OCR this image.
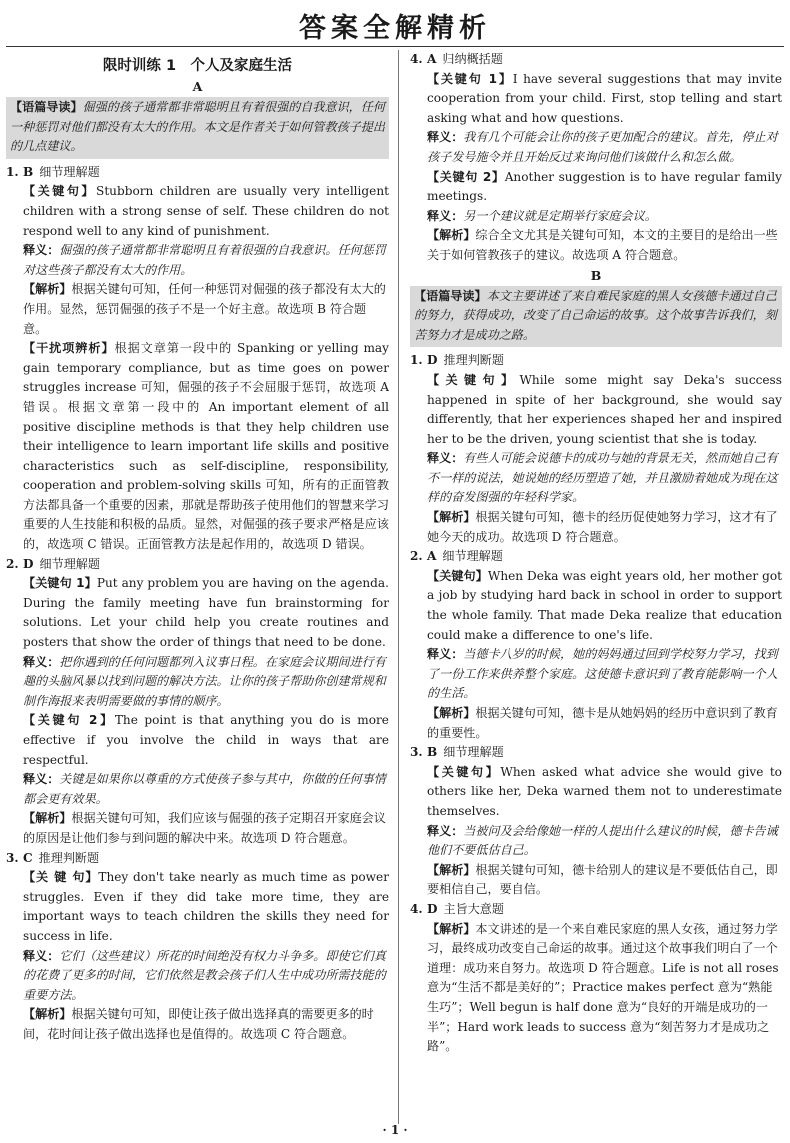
答案全解精析
限时训练 1　个人及家庭生活
A
【 语篇导读 】 倔强的孩子通常都非常聪明且有着很强的自我意识，任何一种惩罚对他们都没有太大的作用。本文是作者关于如何管教孩子提出的几点建议。
1. B 细节理解题
【 关键句 】 Stubborn children are usually very intelligent children with a strong sense of self. These children do not respond well to any kind of punishment.
释义：倔强的孩子通常都非常聪明且有着很强的自我意识。任何惩罚对这些孩子都没有太大的作用。
【 解析 】 根据关键句可知，任何一种惩罚对倔强的孩子都没有太大的作用。显然，惩罚倔强的孩子不是一个好主意。故选项 B 符合题意。
【 干扰项辨析 】 根据文章第一段中的 Spanking or yelling may gain temporary compliance, but as time goes on power struggles increase 可知，倔强的孩子不会屈服于惩罚，故选项 A 错误。根据文章第一段中的 An important element of all positive discipline methods is that they help children use their intelligence to learn important life skills and positive characteristics such as self-discipline, responsibility, cooperation and problem-solving skills 可知，所有的正面管教方法都具备一个重要的因素，那就是帮助孩子使用他们的智慧来学习重要的人生技能和积极的品质。显然，对倔强的孩子要求严格是应该的，故选项 C 错误。正面管教方法是起作用的，故选项 D 错误。
2. D 细节理解题
【 关键句 1 】 Put any problem you are having on the agenda. During the family meeting have fun brainstorming for solutions. Let your child help you create routines and posters that show the order of things that need to be done.
释义：把你遇到的任何问题都列入议事日程。在家庭会议期间进行有趣的头脑风暴以找到问题的解决方法。让你的孩子帮助你创建常规和制作海报来表明需要做的事情的顺序。
【 关键句 2 】 The point is that anything you do is more effective if you involve the child in ways that are respectful.
释义：关键是如果你以尊重的方式使孩子参与其中，你做的任何事情都会更有效果。
【 解析 】 根据关键句可知，我们应该与倔强的孩子定期召开家庭会议的原因是让他们参与到问题的解决中来。故选项 D 符合题意。
3. C 推理判断题
【 关 键 句 】 They don't take nearly as much time as power struggles. Even if they did take more time, they are important ways to teach children the skills they need for success in life.
释义：它们（这些建议）所花的时间绝没有权力斗争多。即使它们真的花费了更多的时间，它们依然是教会孩子们人生中成功所需技能的重要方法。
【 解析 】 根据关键句可知，即使让孩子做出选择真的需要更多的时间，花时间让孩子做出选择也是值得的。故选项 C 符合题意。
4. A 归纳概括题
【 关键句 1 】 I have several suggestions that may invite cooperation from your child. First, stop telling and start asking what and how questions.
释义：我有几个可能会让你的孩子更加配合的建议。首先，停止对孩子发号施令并且开始反过来询问他们该做什么和怎么做。
【 关键句 2 】 Another suggestion is to have regular family meetings.
释义：另一个建议就是定期举行家庭会议。
【 解析 】 综合全文尤其是关键句可知，本文的主要目的是给出一些关于如何管教孩子的建议。故选项 A 符合题意。
B
【 语篇导读 】 本文主要讲述了来自难民家庭的黑人女孩德卡通过自己的努力，获得成功，改变了自己命运的故事。这个故事告诉我们，刻苦努力才是成功之路。
1. D 推理判断题
【 关键句 】 While some might say Deka's success happened in spite of her background, she would say differently, that her experiences shaped her and inspired her to be the driven, young scientist that she is today.
释义：有些人可能会说德卡的成功与她的背景无关，然而她自己有不一样的说法，她说她的经历塑造了她，并且激励着她成为现在这样的奋发图强的年轻科学家。
【 解析 】 根据关键句可知，德卡的经历促使她努力学习，这才有了她今天的成功。故选项 D 符合题意。
2. A 细节理解题
【 关键句 】 When Deka was eight years old, her mother got a job by studying hard back in school in order to support the whole family. That made Deka realize that education could make a difference to one's life.
释义：当德卡八岁的时候，她的妈妈通过回到学校努力学习，找到了一份工作来供养整个家庭。这使德卡意识到了教育能影响一个人的生活。
【 解析 】 根据关键句可知，德卡是从她妈妈的经历中意识到了教育的重要性。
3. B 细节理解题
【 关键句 】 When asked what advice she would give to others like her, Deka warned them not to underestimate themselves.
释义：当被问及会给像她一样的人提出什么建议的时候，德卡告诫他们不要低估自己。
【 解析 】 根据关键句可知，德卡给别人的建议是不要低估自己，即要相信自己，要自信。
4. D 主旨大意题
【 解析 】 本文讲述的是一个来自难民家庭的黑人女孩，通过努力学习，最终成功改变自己命运的故事。通过这个故事我们明白了一个道理：成功来自努力。故选项 D 符合题意。Life is not all roses 意为“生活不都是美好的”；Practice makes perfect 意为“熟能生巧”；Well begun is half done 意为“良好的开端是成功的一半”；Hard work leads to success 意为“刻苦努力才是成功之路”。
· 1 ·
